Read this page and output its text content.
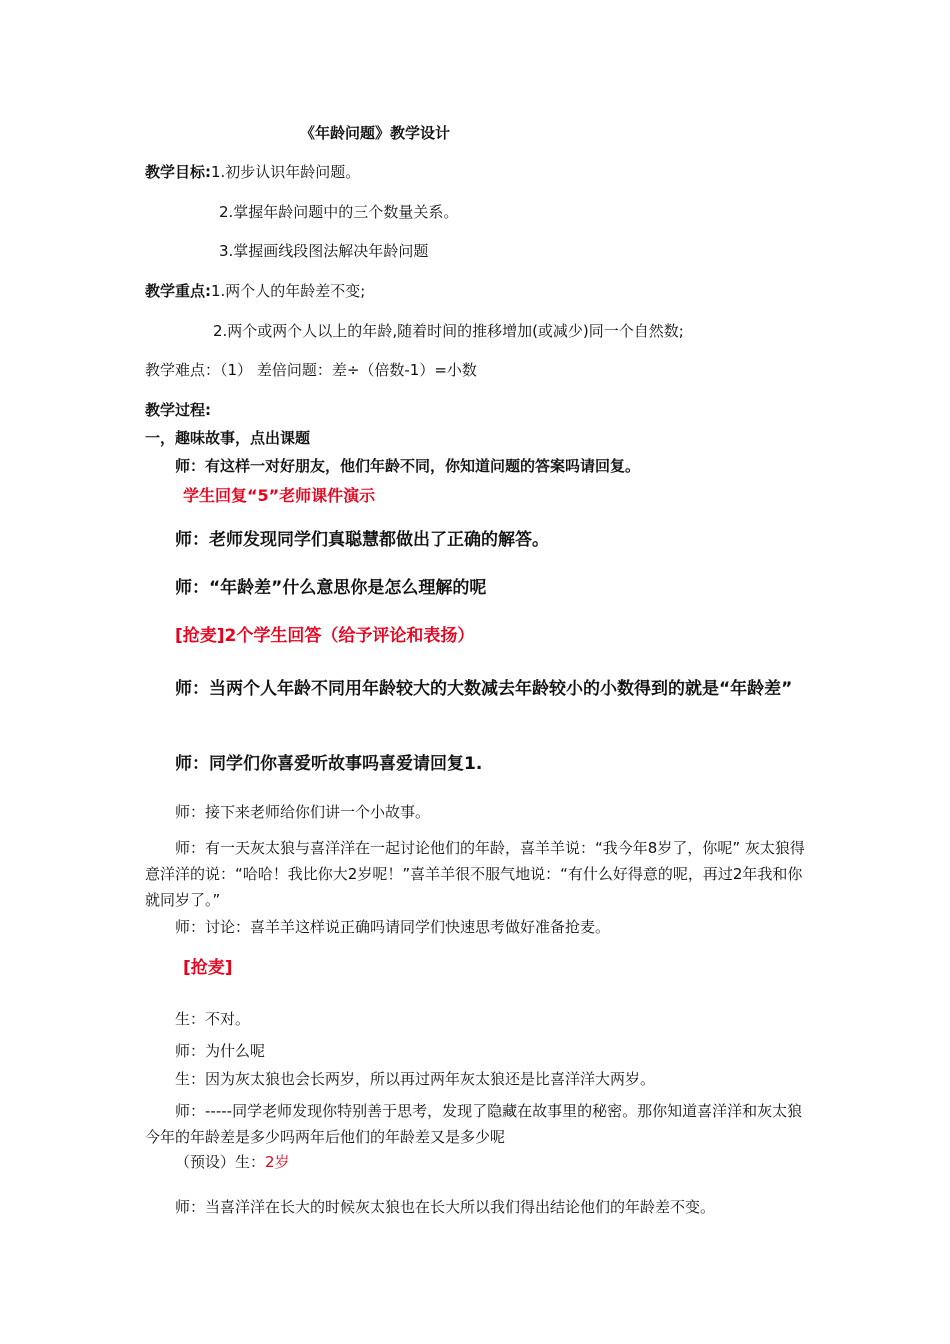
《年龄问题》教学设计
教学目标:1.初步认识年龄问题。
2.掌握年龄问题中的三个数量关系。
3.掌握画线段图法解决年龄问题
教学重点:1.两个人的年龄差不变;
2.两个或两个人以上的年龄,随着时间的推移增加(或减少)同一个自然数;
教学难点：（1） 差倍问题：差÷（倍数-1）=小数
教学过程:
一，趣味故事，点出课题
师：有这样一对好朋友，他们年龄不同，你知道问题的答案吗请回复。
学生回复“5”老师课件演示
师：老师发现同学们真聪慧都做出了正确的解答。
师：“年龄差”什么意思你是怎么理解的呢
[抢麦]2个学生回答（给予评论和表扬）
师：当两个人年龄不同用年龄较大的大数减去年龄较小的小数得到的就是“年龄差”
师：同学们你喜爱听故事吗喜爱请回复1.
师：接下来老师给你们讲一个小故事。
师：有一天灰太狼与喜洋洋在一起讨论他们的年龄，喜羊羊说：“我今年8岁了，你呢” 灰太狼得意洋洋的说：“哈哈！我比你大2岁呢！”喜羊羊很不服气地说：“有什么好得意的呢，再过2年我和你就同岁了。”
师：讨论：喜羊羊这样说正确吗请同学们快速思考做好准备抢麦。
[抢麦]
生：不对。
师：为什么呢
生：因为灰太狼也会长两岁，所以再过两年灰太狼还是比喜洋洋大两岁。
师：-----同学老师发现你特别善于思考，发现了隐藏在故事里的秘密。那你知道喜洋洋和灰太狼今年的年龄差是多少吗两年后他们的年龄差又是多少呢
（预设）生：2岁
师：当喜洋洋在长大的时候灰太狼也在长大所以我们得出结论他们的年龄差不变。
